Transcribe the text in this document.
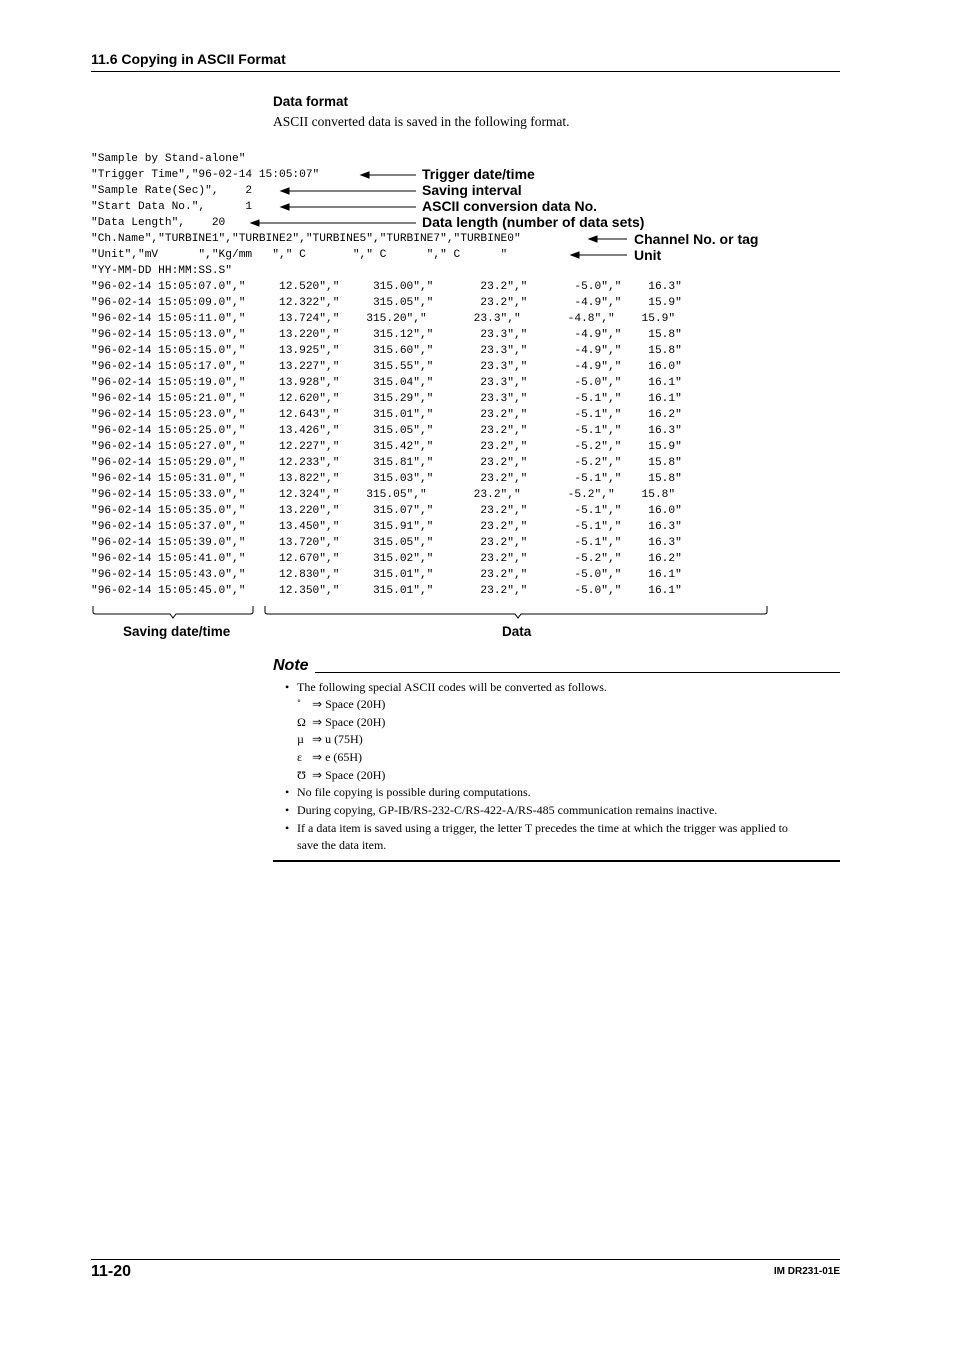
11.6 Copying in ASCII Format
Data format
ASCII converted data is saved in the following format.
"Sample by Stand-alone"
"Trigger Time","96-02-14 15:05:07"
"Sample Rate(Sec)",    2
"Start Data No.",      1
"Data Length",    20
"Ch.Name","TURBINE1","TURBINE2","TURBINE5","TURBINE7","TURBINE0"
"Unit","mV      ","Kg/mm   "," C       "," C      "," C      "
"YY-MM-DD HH:MM:SS.S"
"96-02-14 15:05:07.0","     12.520","     315.00","       23.2","       -5.0","    16.3"
"96-02-14 15:05:09.0","     12.322","     315.05","       23.2","       -4.9","    15.9"
"96-02-14 15:05:11.0","     13.724","    315.20","       23.3","       -4.8","    15.9"
"96-02-14 15:05:13.0","     13.220","     315.12","       23.3","       -4.9","    15.8"
"96-02-14 15:05:15.0","     13.925","     315.60","       23.3","       -4.9","    15.8"
"96-02-14 15:05:17.0","     13.227","     315.55","       23.3","       -4.9","    16.0"
"96-02-14 15:05:19.0","     13.928","     315.04","       23.3","       -5.0","    16.1"
"96-02-14 15:05:21.0","     12.620","     315.29","       23.3","       -5.1","    16.1"
"96-02-14 15:05:23.0","     12.643","     315.01","       23.2","       -5.1","    16.2"
"96-02-14 15:05:25.0","     13.426","     315.05","       23.2","       -5.1","    16.3"
"96-02-14 15:05:27.0","     12.227","     315.42","       23.2","       -5.2","    15.9"
"96-02-14 15:05:29.0","     12.233","     315.81","       23.2","       -5.2","    15.8"
"96-02-14 15:05:31.0","     13.822","     315.03","       23.2","       -5.1","    15.8"
"96-02-14 15:05:33.0","     12.324","    315.05","       23.2","       -5.2","    15.8"
"96-02-14 15:05:35.0","     13.220","     315.07","       23.2","       -5.1","    16.0"
"96-02-14 15:05:37.0","     13.450","     315.91","       23.2","       -5.1","    16.3"
"96-02-14 15:05:39.0","     13.720","     315.05","       23.2","       -5.1","    16.3"
"96-02-14 15:05:41.0","     12.670","     315.02","       23.2","       -5.2","    16.2"
"96-02-14 15:05:43.0","     12.830","     315.01","       23.2","       -5.0","    16.1"
"96-02-14 15:05:45.0","     12.350","     315.01","       23.2","       -5.0","    16.1"
Trigger date/time
Saving interval
ASCII conversion data No.
Data length (number of data sets)
Channel No. or tag
Unit
Saving date/time	Data
Note
• The following special ASCII codes will be converted as follows.
˚ ⇒ Space (20H)
Ω ⇒ Space (20H)
µ ⇒ u (75H)
ε ⇒ e (65H)
Ʊ ⇒ Space (20H)
• No file copying is possible during computations.
• During copying, GP-IB/RS-232-C/RS-422-A/RS-485 communication remains inactive.
• If a data item is saved using a trigger, the letter T precedes the time at which the trigger was applied to
save the data item.
11-20	IM DR231-01E
